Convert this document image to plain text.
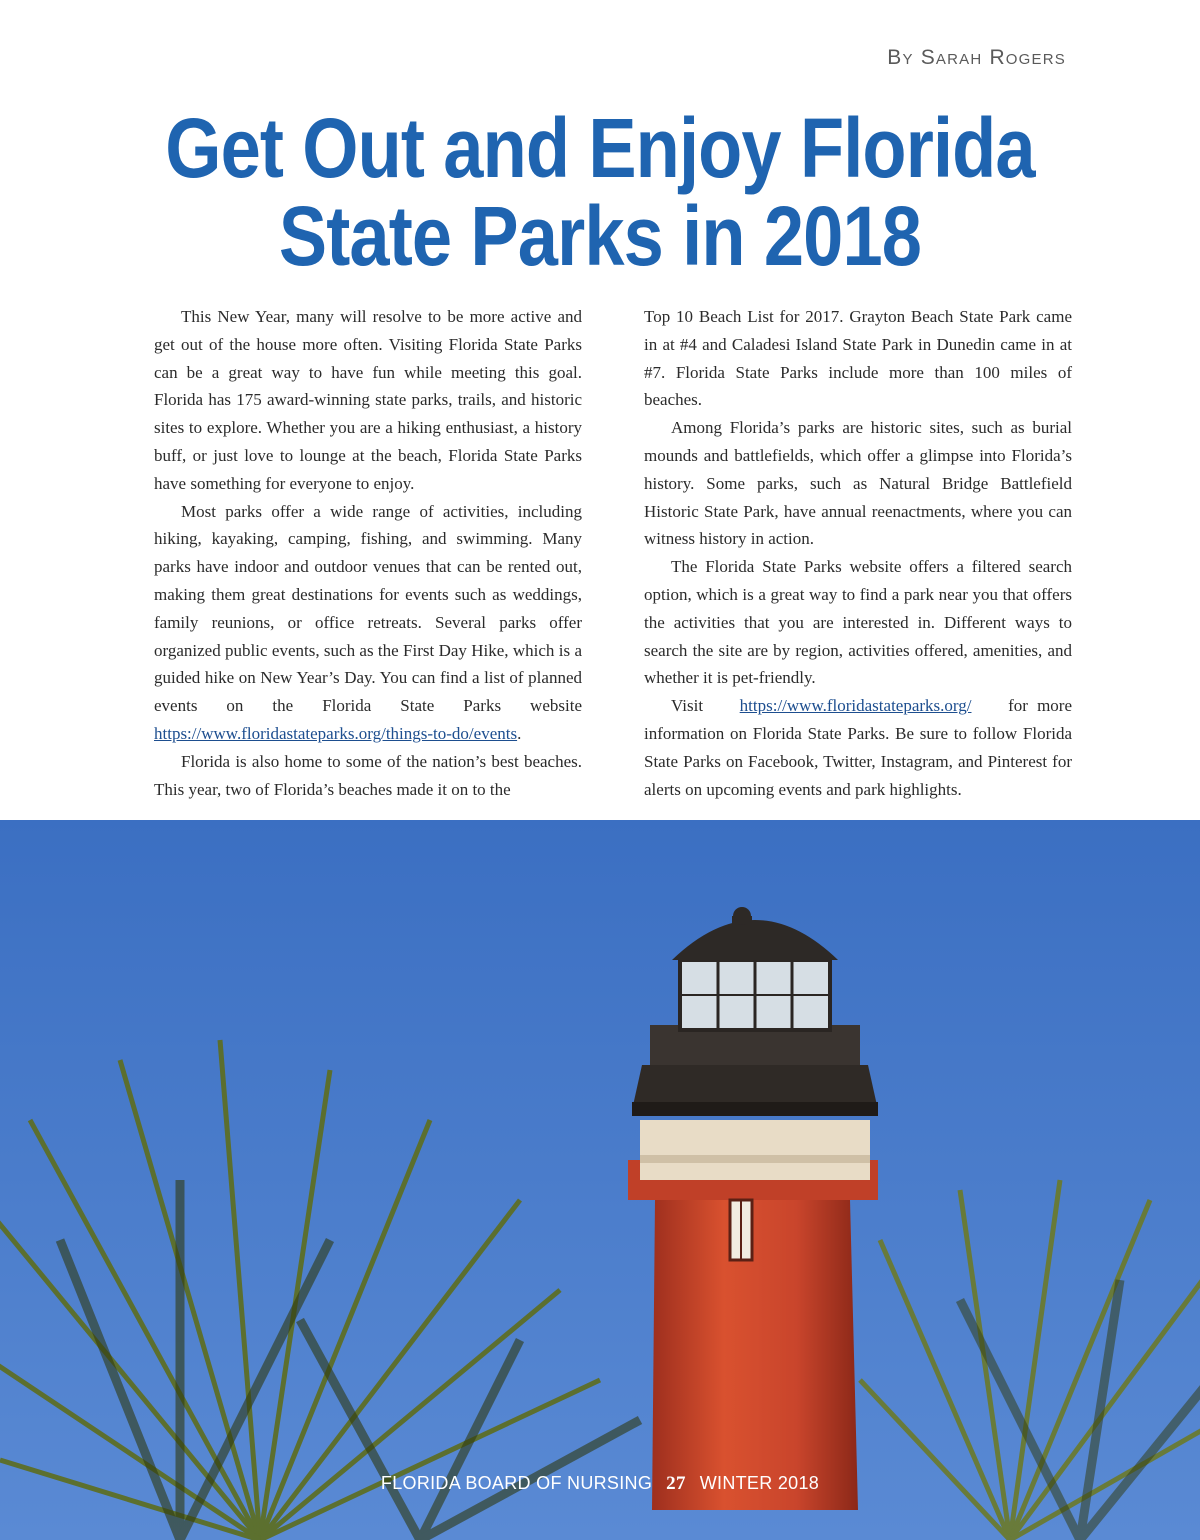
By Sarah Rogers
Get Out and Enjoy Florida
State Parks in 2018

This New Year, many will resolve to be more active and get out of the house more often. Visiting Florida State Parks can be a great way to have fun while meeting this goal. Florida has 175 award-winning state parks, trails, and historic sites to explore. Whether you are a hiking enthusiast, a history buff, or just love to lounge at the beach, Florida State Parks have something for everyone to enjoy.

Most parks offer a wide range of activities, including hiking, kayaking, camping, fishing, and swimming. Many parks have indoor and outdoor venues that can be rented out, making them great destinations for events such as weddings, family reunions, or office retreats. Several parks offer organized public events, such as the First Day Hike, which is a guided hike on New Year’s Day. You can find a list of planned events on the Florida State Parks website https://www.floridastateparks.org/things-to-do/events.

Florida is also home to some of the nation’s best beaches. This year, two of Florida’s beaches made it on to the

Top 10 Beach List for 2017. Grayton Beach State Park came in at #4 and Caladesi Island State Park in Dunedin came in at #7. Florida State Parks include more than 100 miles of beaches.

Among Florida’s parks are historic sites, such as burial mounds and battlefields, which offer a glimpse into Florida’s history. Some parks, such as Natural Bridge Battlefield Historic State Park, have annual reenactments, where you can witness history in action.

The Florida State Parks website offers a filtered search option, which is a great way to find a park near you that offers the activities that you are interested in. Different ways to search the site are by region, activities offered, amenities, and whether it is pet-friendly.

Visit https://www.floridastateparks.org/ for more information on Florida State Parks. Be sure to follow Florida State Parks on Facebook, Twitter, Instagram, and Pinterest for alerts on upcoming events and park highlights.

FLORIDA BOARD OF NURSING 27 WINTER 2018
